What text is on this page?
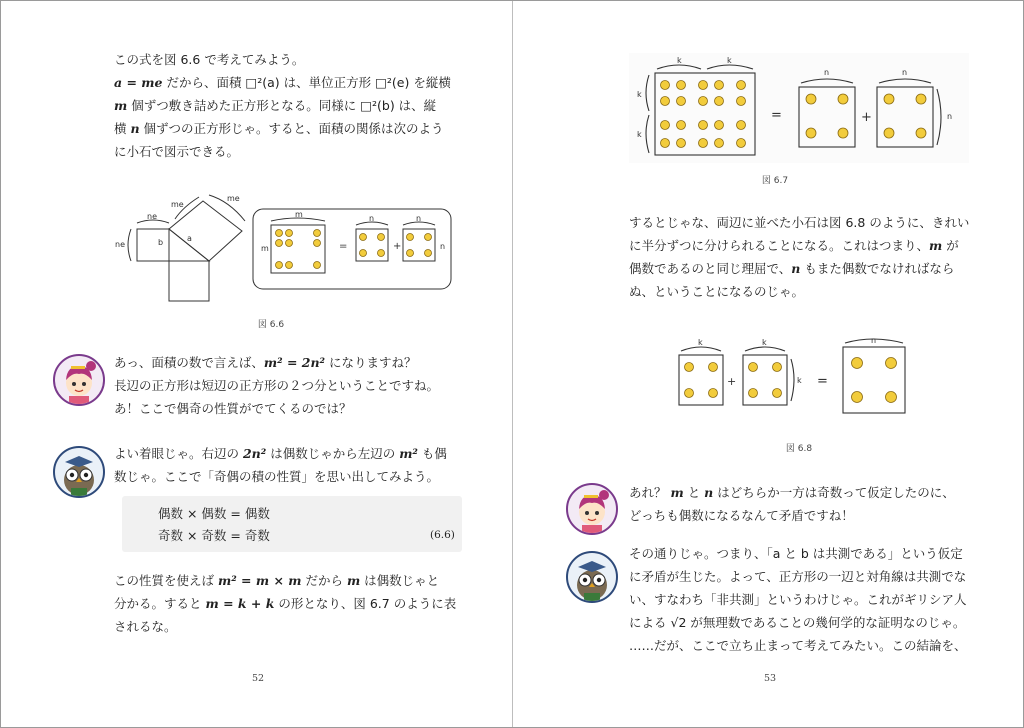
この式を図 6.6 で考えてみよう。
a = me だから、面積 □²(a) は、単位正方形 □²(e) を縦横
m 個ずつ敷き詰めた正方形となる。同様に □²(b) は、縦
横 n 個ずつの正方形じゃ。すると、面積の関係は次のよう
に小石で図示できる。
ne
me
me
ne	b	a
m
m
n	n
n
=	+
図 6.6
あっ、面積の数で言えば、m² = 2n² になりますね？
長辺の正方形は短辺の正方形の２つ分ということですね。
あ！ここで偶奇の性質がでてくるのでは？
よい着眼じゃ。右辺の 2n² は偶数じゃから左辺の m² も偶
数じゃ。ここで「奇偶の積の性質」を思い出してみよう。
偶数 × 偶数 = 偶数
奇数 × 奇数 = 奇数	(6.6)
この性質を使えば m² = m × m だから m は偶数じゃと
分かる。すると m = k + k の形となり、図 6.7 のように表
されるな。
52
k	k
k
k
n	n
n
=	+
図 6.7
するとじゃな、両辺に並べた小石は図 6.8 のように、きれい
に半分ずつに分けられることになる。これはつまり、m が
偶数であるのと同じ理屈で、n もまた偶数でなければなら
ぬ、ということになるのじゃ。
k	k
k
n
+	=
図 6.8
あれ？ m と n はどちらか一方は奇数って仮定したのに、
どっちも偶数になるなんて矛盾ですね！
その通りじゃ。つまり、「a と b は共測である」という仮定
に矛盾が生じた。よって、正方形の一辺と対角線は共測でな
い、すなわち「非共測」というわけじゃ。これがギリシア人
による √2 が無理数であることの幾何学的な証明なのじゃ。
……だが、ここで立ち止まって考えてみたい。この結論を、
53
